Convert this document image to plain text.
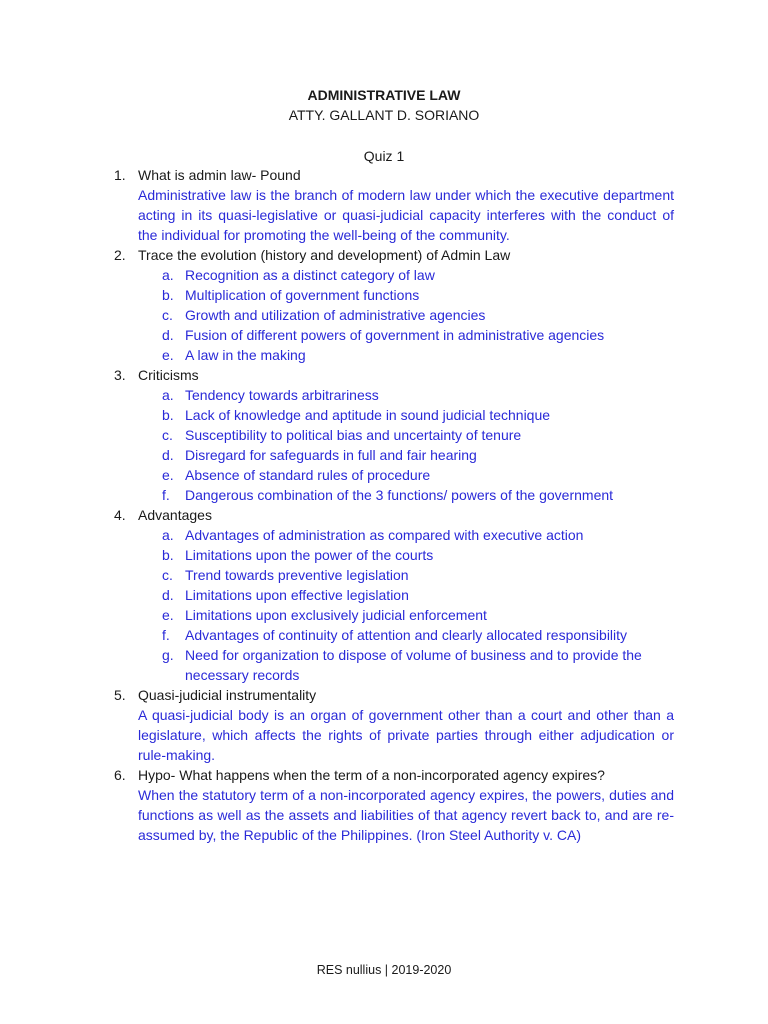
ADMINISTRATIVE LAW
ATTY. GALLANT D. SORIANO
Quiz 1
1. What is admin law- Pound
Administrative law is the branch of modern law under which the executive department acting in its quasi-legislative or quasi-judicial capacity interferes with the conduct of the individual for promoting the well-being of the community.
2. Trace the evolution (history and development) of Admin Law
a. Recognition as a distinct category of law
b. Multiplication of government functions
c. Growth and utilization of administrative agencies
d. Fusion of different powers of government in administrative agencies
e. A law in the making
3. Criticisms
a. Tendency towards arbitrariness
b. Lack of knowledge and aptitude in sound judicial technique
c. Susceptibility to political bias and uncertainty of tenure
d. Disregard for safeguards in full and fair hearing
e. Absence of standard rules of procedure
f. Dangerous combination of the 3 functions/ powers of the government
4. Advantages
a. Advantages of administration as compared with executive action
b. Limitations upon the power of the courts
c. Trend towards preventive legislation
d. Limitations upon effective legislation
e. Limitations upon exclusively judicial enforcement
f. Advantages of continuity of attention and clearly allocated responsibility
g. Need for organization to dispose of volume of business and to provide the necessary records
5. Quasi-judicial instrumentality
A quasi-judicial body is an organ of government other than a court and other than a legislature, which affects the rights of private parties through either adjudication or rule-making.
6. Hypo- What happens when the term of a non-incorporated agency expires?
When the statutory term of a non-incorporated agency expires, the powers, duties and functions as well as the assets and liabilities of that agency revert back to, and are re-assumed by, the Republic of the Philippines. (Iron Steel Authority v. CA)
RES nullius | 2019-2020
